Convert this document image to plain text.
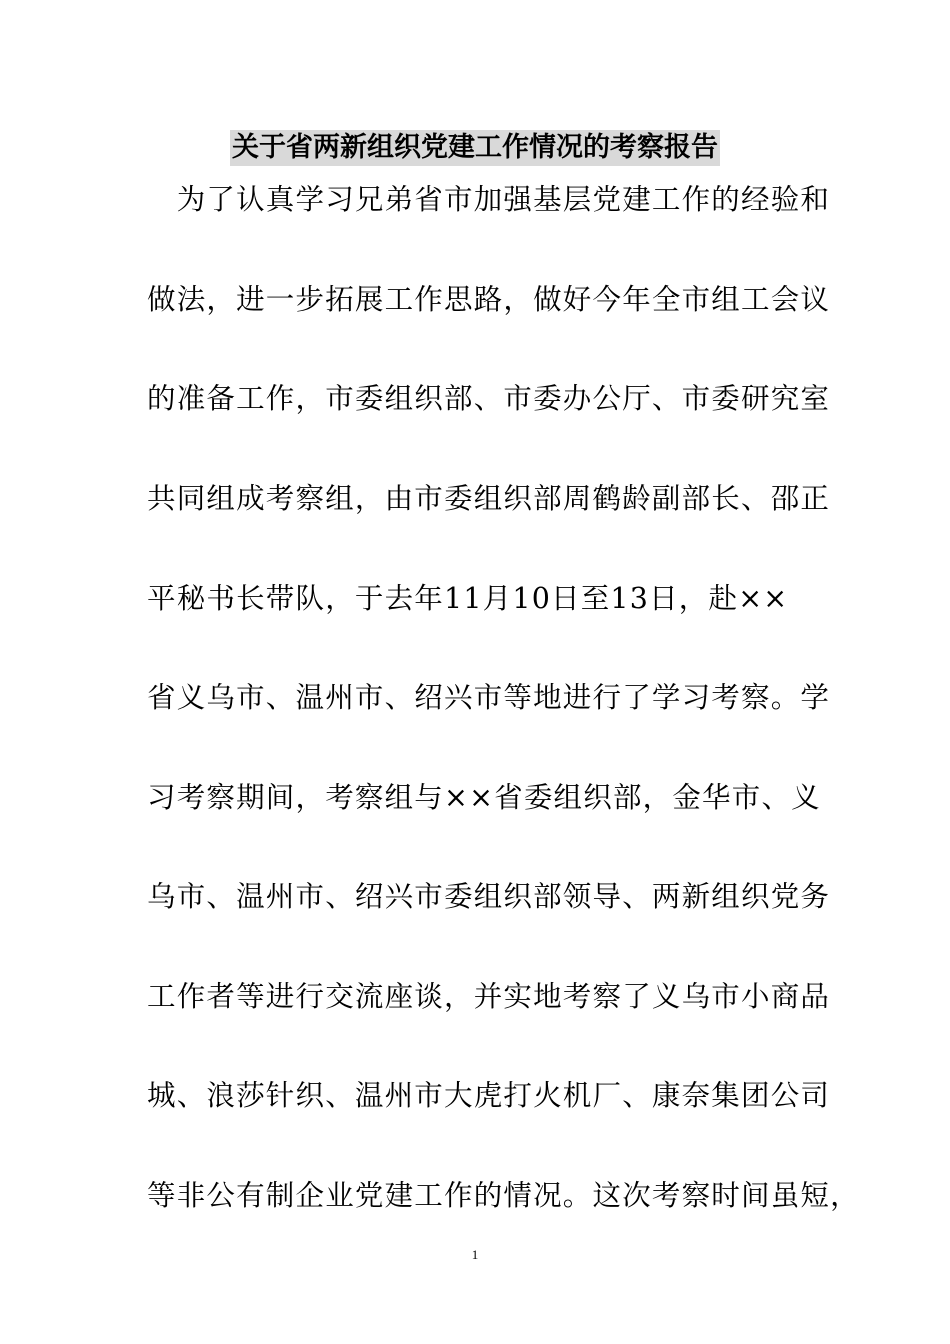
关于省两新组织党建工作情况的考察报告
　为了认真学习兄弟省市加强基层党建工作的经验和
做法，进一步拓展工作思路，做好今年全市组工会议
的准备工作，市委组织部、市委办公厅、市委研究室
共同组成考察组，由市委组织部周鹤龄副部长、邵正
平秘书长带队，于去年11月10日至13日，赴××
省义乌市、温州市、绍兴市等地进行了学习考察。学
习考察期间，考察组与××省委组织部，金华市、义
乌市、温州市、绍兴市委组织部领导、两新组织党务
工作者等进行交流座谈，并实地考察了义乌市小商品
城、浪莎针织、温州市大虎打火机厂、康奈集团公司
等非公有制企业党建工作的情况。这次考察时间虽短，
1
